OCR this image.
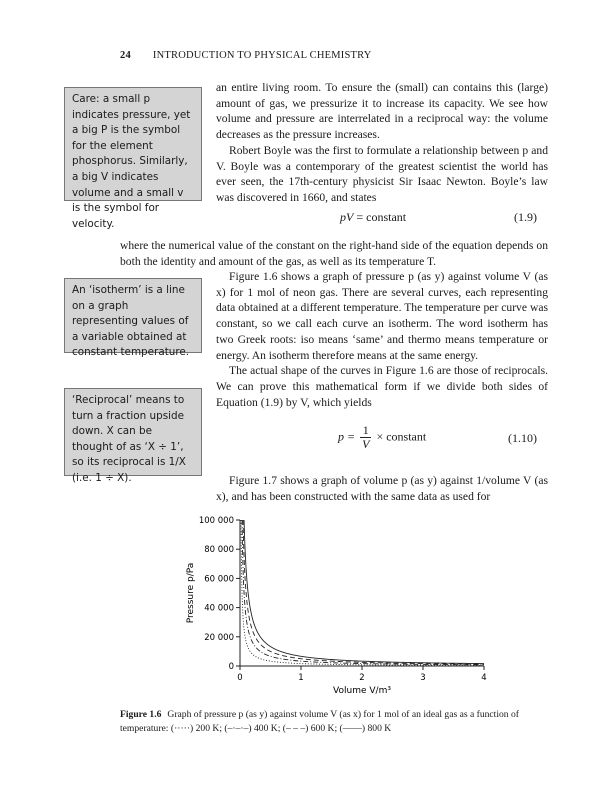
24 INTRODUCTION TO PHYSICAL CHEMISTRY
Care: a small p indicates pressure, yet a big P is the symbol for the element phosphorus. Similarly, a big V indicates volume and a small v is the symbol for velocity.
An ‘isotherm’ is a line on a graph representing values of a variable obtained at constant temperature.
‘Reciprocal’ means to turn a fraction upside down. X can be thought of as ‘X ÷ 1’, so its reciprocal is 1/X (i.e. 1 ÷ X).

an entire living room. To ensure the (small) can contains this (large) amount of gas, we pressurize it to increase its capacity. We see how volume and pressure are interrelated in a reciprocal way: the volume decreases as the pressure increases.

Robert Boyle was the first to formulate a relationship between p and V. Boyle was a contemporary of the greatest scientist the world has ever seen, the 17th-century physicist Sir Isaac Newton. Boyle’s law was discovered in 1660, and states

pV = constant	(1.9)

where the numerical value of the constant on the right-hand side of the equation depends on both the identity and amount of the gas, as well as its temperature T.

Figure 1.6 shows a graph of pressure p (as y) against volume V (as x) for 1 mol of neon gas. There are several curves, each representing data obtained at a different temperature. The temperature per curve was constant, so we call each curve an isotherm. The word isotherm has two Greek roots: iso means ‘same’ and thermo means temperature or energy. An isotherm therefore means at the same energy.

The actual shape of the curves in Figure 1.6 are those of reciprocals. We can prove this mathematical form if we divide both sides of Equation (1.9) by V, which yields

$p = \frac{1}{V}$ × constant	(1.10)

Figure 1.7 shows a graph of volume p (as y) against 1/volume V (as x), and has been constructed with the same data as used for

0
20 000
40 000
60 000
80 000
100 000
0	1	2	3	4
Pressure p/Pa
Volume V/m³
Figure 1.6 Graph of pressure p (as y) against volume V (as x) for 1 mol of an ideal gas as a function of temperature: (·····) 200 K; (–·–·–) 400 K; (– – –) 600 K; (——) 800 K
